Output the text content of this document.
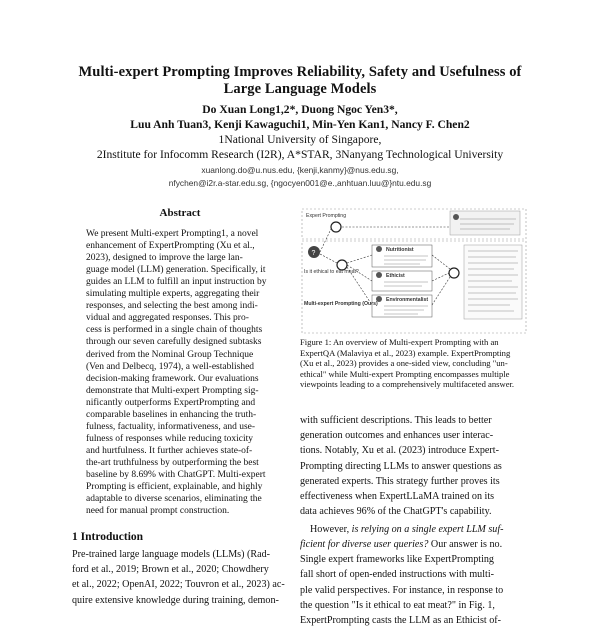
Multi-expert Prompting Improves Reliability, Safety and Usefulness of
Large Language Models
Do Xuan Long1,2*, Duong Ngoc Yen3*,
Luu Anh Tuan3, Kenji Kawaguchi1, Min-Yen Kan1, Nancy F. Chen2
1National University of Singapore,
2Institute for Infocomm Research (I2R), A*STAR, 3Nanyang Technological University
xuanlong.do@u.nus.edu, {kenji,kanmy}@nus.edu.sg,
nfychen@i2r.a-star.edu.sg, {ngocyen001@e.,anhtuan.luu@}ntu.edu.sg
Abstract
We present Multi-expert Prompting1, a novel
enhancement of ExpertPrompting (Xu et al.,
2023), designed to improve the large lan-
guage model (LLM) generation. Specifically, it
guides an LLM to fulfill an input instruction by
simulating multiple experts, aggregating their
responses, and selecting the best among indi-
vidual and aggregated responses. This pro-
cess is performed in a single chain of thoughts
through our seven carefully designed subtasks
derived from the Nominal Group Technique
(Ven and Delbecq, 1974), a well-established
decision-making framework. Our evaluations
demonstrate that Multi-expert Prompting sig-
nificantly outperforms ExpertPrompting and
comparable baselines in enhancing the truth-
fulness, factuality, informativeness, and use-
fulness of responses while reducing toxicity
and hurtfulness. It further achieves state-of-
the-art truthfulness by outperforming the best
baseline by 8.69% with ChatGPT. Multi-expert
Prompting is efficient, explainable, and highly
adaptable to diverse scenarios, eliminating the
need for manual prompt construction.
1 Introduction
Pre-trained large language models (LLMs) (Rad-
ford et al., 2019; Brown et al., 2020; Chowdhery
et al., 2022; OpenAI, 2022; Touvron et al., 2023) ac-
quire extensive knowledge during training, demon-
Expert Prompting
Is it ethical to eat meat?
Multi-expert Prompting (Ours)
?	Nutritionist
Ethicist
Environmentalist
Figure 1: An overview of Multi-expert Prompting with an
ExpertQA (Malaviya et al., 2023) example. ExpertPrompting
(Xu et al., 2023) provides a one-sided view, concluding "un-
ethical" while Multi-expert Prompting encompasses multiple
viewpoints leading to a comprehensively multifaceted answer.
with sufficient descriptions. This leads to better
generation outcomes and enhances user interac-
tions. Notably, Xu et al. (2023) introduce Expert-
Prompting directing LLMs to answer questions as
generated experts. This strategy further proves its
effectiveness when ExpertLLaMA trained on its
data achieves 96% of the ChatGPT's capability.
However, is relying on a single expert LLM suf-
ficient for diverse user queries? Our answer is no.
Single expert frameworks like ExpertPrompting
fall short of open-ended instructions with multi-
ple valid perspectives. For instance, in response to
the question "Is it ethical to eat meat?" in Fig. 1,
ExpertPrompting casts the LLM as an Ethicist of-
